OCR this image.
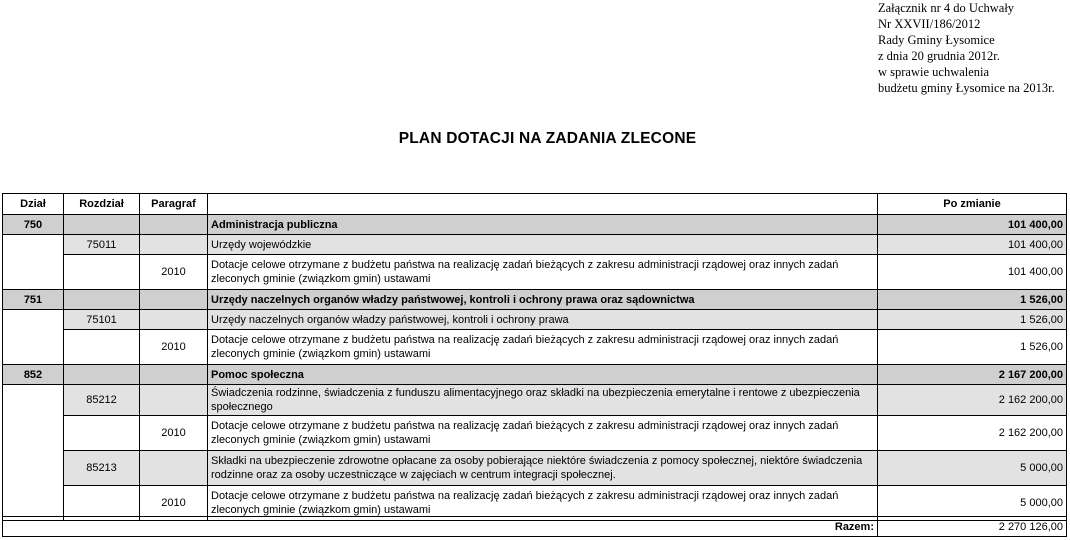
Załącznik nr 4 do Uchwały
Nr XXVII/186/2012
Rady Gminy Łysomice
z dnia 20 grudnia 2012r.
w sprawie uchwalenia
budżetu gminy Łysomice na 2013r.
PLAN DOTACJI NA ZADANIA ZLECONE
Dział	Rozdział	Paragraf		Po zmianie
750			Administracja publiczna	101 400,00
	75011		Urzędy wojewódzkie	101 400,00
		2010	Dotacje celowe otrzymane z budżetu państwa na realizację zadań bieżących z zakresu administracji rządowej oraz innych zadań zleconych gminie (związkom gmin) ustawami	101 400,00
751			Urzędy naczelnych organów władzy państwowej, kontroli i ochrony prawa oraz sądownictwa	1 526,00
	75101		Urzędy naczelnych organów władzy państwowej, kontroli i ochrony prawa	1 526,00
		2010	Dotacje celowe otrzymane z budżetu państwa na realizację zadań bieżących z zakresu administracji rządowej oraz innych zadań zleconych gminie (związkom gmin) ustawami	1 526,00
852			Pomoc społeczna	2 167 200,00
	85212		Świadczenia rodzinne, świadczenia z funduszu alimentacyjnego oraz składki na ubezpieczenia emerytalne i rentowe z ubezpieczenia społecznego	2 162 200,00
		2010	Dotacje celowe otrzymane z budżetu państwa na realizację zadań bieżących z zakresu administracji rządowej oraz innych zadań zleconych gminie (związkom gmin) ustawami	2 162 200,00
	85213		Składki na ubezpieczenie zdrowotne opłacane za osoby pobierające niektóre świadczenia z pomocy społecznej, niektóre świadczenia rodzinne oraz za osoby uczestniczące w zajęciach w centrum integracji społecznej.	5 000,00
		2010	Dotacje celowe otrzymane z budżetu państwa na realizację zadań bieżących z zakresu administracji rządowej oraz innych zadań zleconych gminie (związkom gmin) ustawami	5 000,00
Razem:	2 270 126,00
